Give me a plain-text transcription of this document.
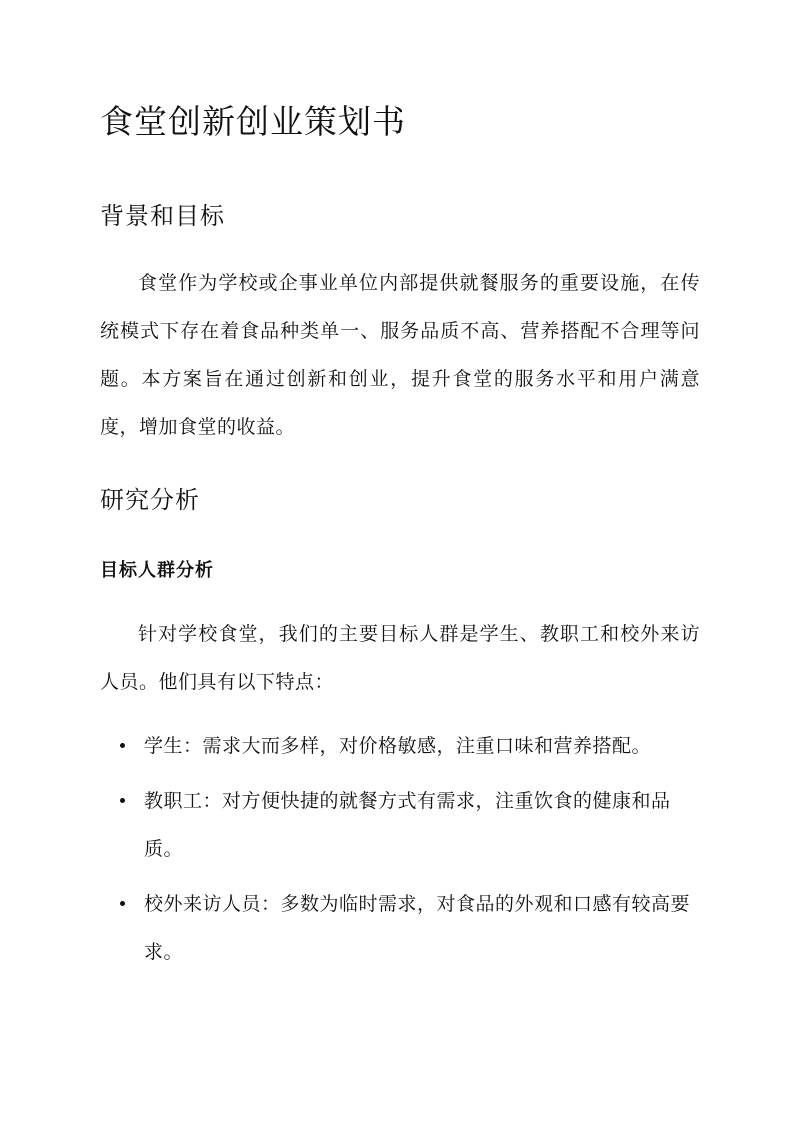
食堂创新创业策划书
背景和目标

食堂作为学校或企事业单位内部提供就餐服务的重要设施，在传统模式下存在着食品种类单一、服务品质不高、营养搭配不合理等问题。本方案旨在通过创新和创业，提升食堂的服务水平和用户满意度，增加食堂的收益。

研究分析
目标人群分析

针对学校食堂，我们的主要目标人群是学生、教职工和校外来访人员。他们具有以下特点：

学生：需求大而多样，对价格敏感，注重口味和营养搭配。
教职工：对方便快捷的就餐方式有需求，注重饮食的健康和品质。
校外来访人员：多数为临时需求，对食品的外观和口感有较高要求。
